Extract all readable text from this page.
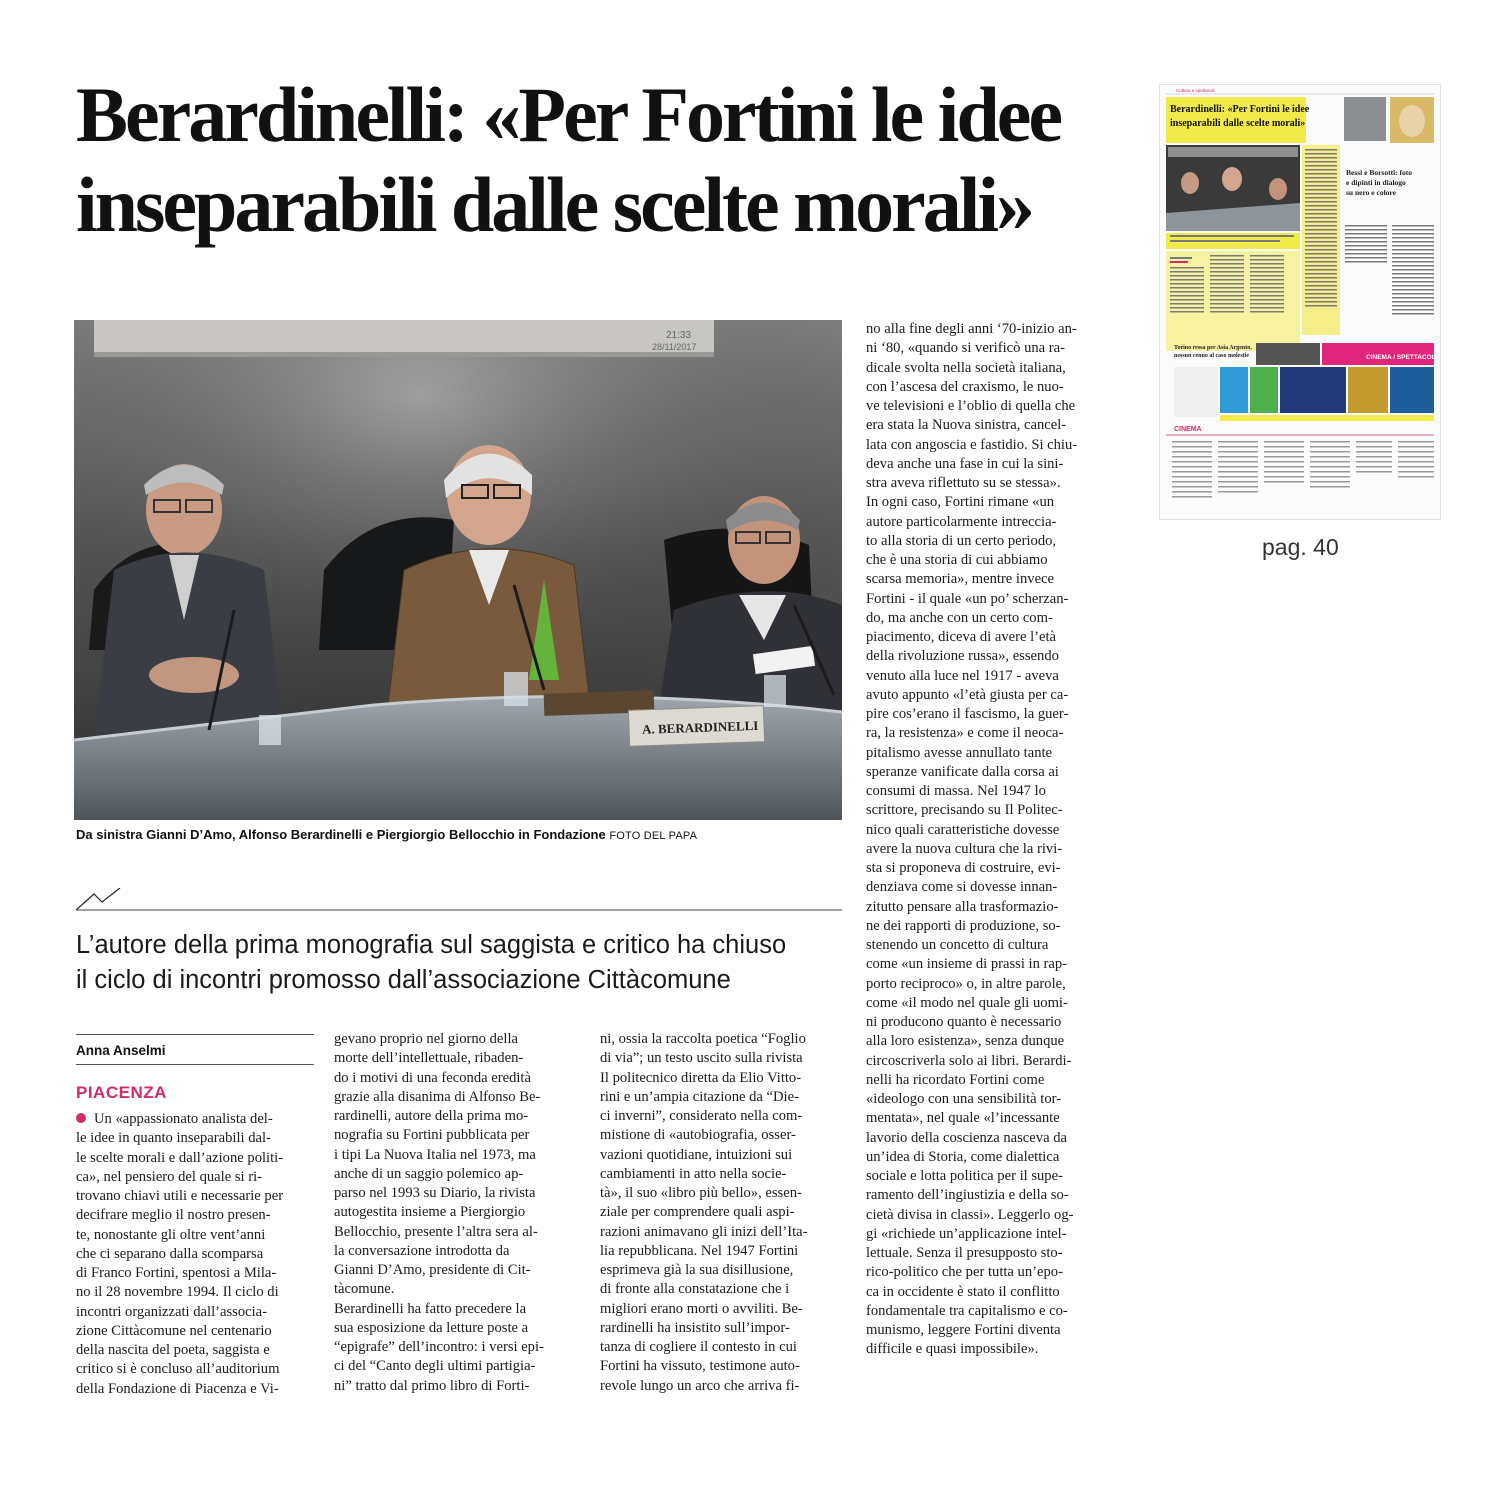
Berardinelli: «Per Fortini le idee
inseparabili dalle scelte morali»
21:33
28/11/2017
A. BERARDINELLI
Da sinistra Gianni D’Amo, Alfonso Berardinelli e Piergiorgio Bellocchio in Fondazione FOTO DEL PAPA
L’autore della prima monografia sul saggista e critico ha chiuso
il ciclo di incontri promosso dall’associazione Cittàcomune
Anna Anselmi
PIACENZA
Un «appassionato analista del-
le idee in quanto inseparabili dal-
le scelte morali e dall’azione politi-
ca», nel pensiero del quale si ri-
trovano chiavi utili e necessarie per
decifrare meglio il nostro presen-
te, nonostante gli oltre vent’anni
che ci separano dalla scomparsa
di Franco Fortini, spentosi a Mila-
no il 28 novembre 1994. Il ciclo di
incontri organizzati dall’associa-
zione Cittàcomune nel centenario
della nascita del poeta, saggista e
critico si è concluso all’auditorium
della Fondazione di Piacenza e Vi-
gevano proprio nel giorno della
morte dell’intellettuale, ribaden-
do i motivi di una feconda eredità
grazie alla disanima di Alfonso Be-
rardinelli, autore della prima mo-
nografia su Fortini pubblicata per
i tipi La Nuova Italia nel 1973, ma
anche di un saggio polemico ap-
parso nel 1993 su Diario, la rivista
autogestita insieme a Piergiorgio
Bellocchio, presente l’altra sera al-
la conversazione introdotta da
Gianni D’Amo, presidente di Cit-
tàcomune.
Berardinelli ha fatto precedere la
sua esposizione da letture poste a
“epigrafe” dell’incontro: i versi epi-
ci del “Canto degli ultimi partigia-
ni” tratto dal primo libro di Forti-
ni, ossia la raccolta poetica “Foglio
di via”; un testo uscito sulla rivista
Il politecnico diretta da Elio Vitto-
rini e un’ampia citazione da “Die-
ci inverni”, considerato nella com-
mistione di «autobiografia, osser-
vazioni quotidiane, intuizioni sui
cambiamenti in atto nella socie-
tà», il suo «libro più bello», essen-
ziale per comprendere quali aspi-
razioni animavano gli inizi dell’Ita-
lia repubblicana. Nel 1947 Fortini
esprimeva già la sua disillusione,
di fronte alla constatazione che i
migliori erano morti o avviliti. Be-
rardinelli ha insistito sull’impor-
tanza di cogliere il contesto in cui
Fortini ha vissuto, testimone auto-
revole lungo un arco che arriva fi-
no alla fine degli anni ‘70-inizio an-
ni ‘80, «quando si verificò una ra-
dicale svolta nella società italiana,
con l’ascesa del craxismo, le nuo-
ve televisioni e l’oblio di quella che
era stata la Nuova sinistra, cancel-
lata con angoscia e fastidio. Si chiu-
deva anche una fase in cui la sini-
stra aveva riflettuto su se stessa».
In ogni caso, Fortini rimane «un
autore particolarmente intreccia-
to alla storia di un certo periodo,
che è una storia di cui abbiamo
scarsa memoria», mentre invece
Fortini - il quale «un po’ scherzan-
do, ma anche con un certo com-
piacimento, diceva di avere l’età
della rivoluzione russa», essendo
venuto alla luce nel 1917 - aveva
avuto appunto «l’età giusta per ca-
pire cos’erano il fascismo, la guer-
ra, la resistenza» e come il neoca-
pitalismo avesse annullato tante
speranze vanificate dalla corsa ai
consumi di massa. Nel 1947 lo
scrittore, precisando su Il Politec-
nico quali caratteristiche dovesse
avere la nuova cultura che la rivi-
sta si proponeva di costruire, evi-
denziava come si dovesse innan-
zitutto pensare alla trasformazio-
ne dei rapporti di produzione, so-
stenendo un concetto di cultura
come «un insieme di prassi in rap-
porto reciproco» o, in altre parole,
come «il modo nel quale gli uomi-
ni producono quanto è necessario
alla loro esistenza», senza dunque
circoscriverla solo ai libri. Berardi-
nelli ha ricordato Fortini come
«ideologo con una sensibilità tor-
mentata», nel quale «l’incessante
lavorio della coscienza nasceva da
un’idea di Storia, come dialettica
sociale e lotta politica per il supe-
ramento dell’ingiustizia e della so-
cietà divisa in classi». Leggerlo og-
gi «richiede un’applicazione intel-
lettuale. Senza il presupposto sto-
rico-politico che per tutta un’epo-
ca in occidente è stato il conflitto
fondamentale tra capitalismo e co-
munismo, leggere Fortini diventa
difficile e quasi impossibile».
Cultura e spettacoli
Berardinelli: «Per Fortini le idee
inseparabili dalle scelte morali»
Bessi e Borsotti: foto
e dipinti in dialogo
su nero e colore
Torino ressa per Asia Argento,
nessun cenno al caso molestie	CINEMA / SPETTACOLI
CINEMA
pag. 40
